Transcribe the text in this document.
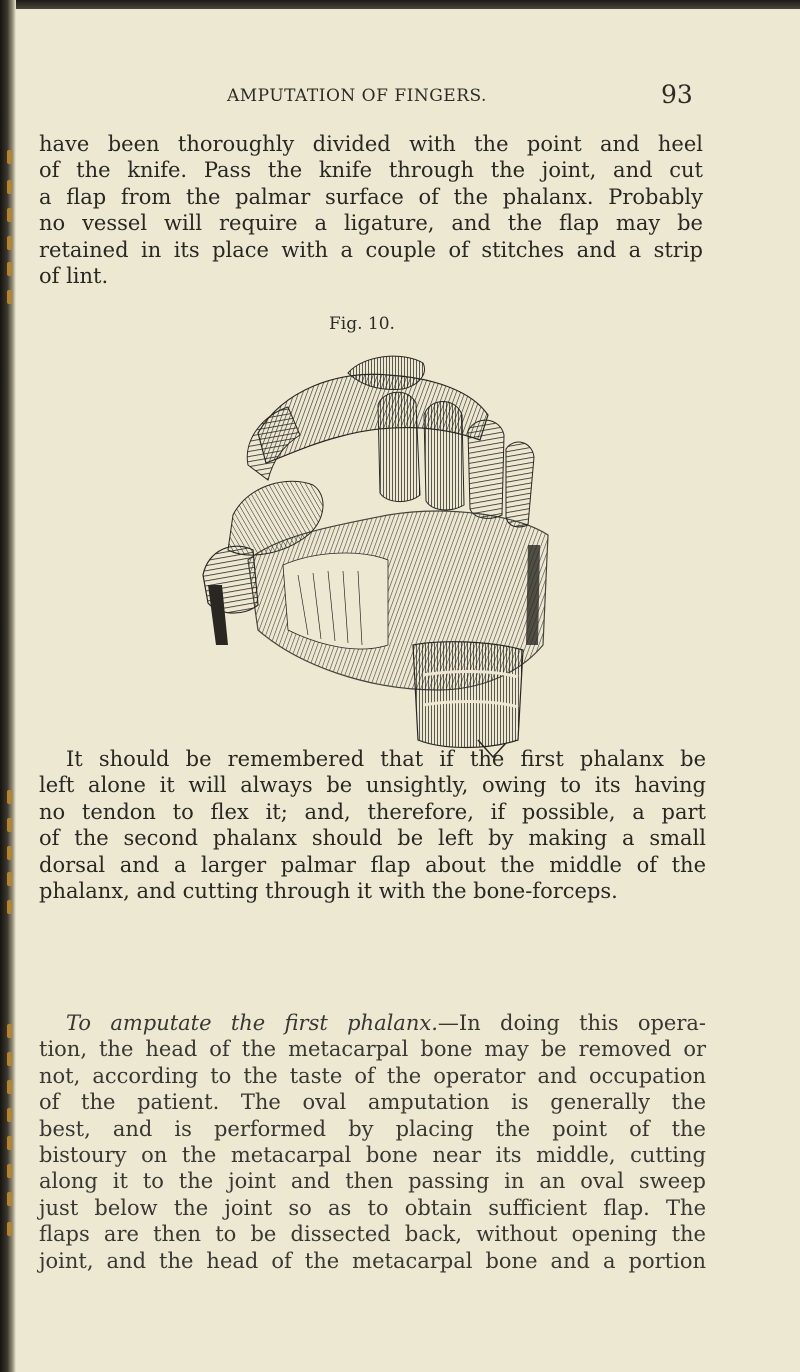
AMPUTATION OF FINGERS.	93
have been thoroughly divided with the point and heel
of the knife. Pass the knife through the joint, and cut
a flap from the palmar surface of the phalanx. Probably
no vessel will require a ligature, and the flap may be
retained in its place with a couple of stitches and a strip
of lint.
Fig. 10.
It should be remembered that if the first phalanx be
left alone it will always be unsightly, owing to its having
no tendon to flex it; and, therefore, if possible, a part
of the second phalanx should be left by making a small
dorsal and a larger palmar flap about the middle of the
phalanx, and cutting through it with the bone-forceps.
To amputate the first phalanx.—In doing this opera-
tion, the head of the metacarpal bone may be removed or
not, according to the taste of the operator and occupation
of the patient. The oval amputation is generally the
best, and is performed by placing the point of the
bistoury on the metacarpal bone near its middle, cutting
along it to the joint and then passing in an oval sweep
just below the joint so as to obtain sufficient flap. The
flaps are then to be dissected back, without opening the
joint, and the head of the metacarpal bone and a portion
